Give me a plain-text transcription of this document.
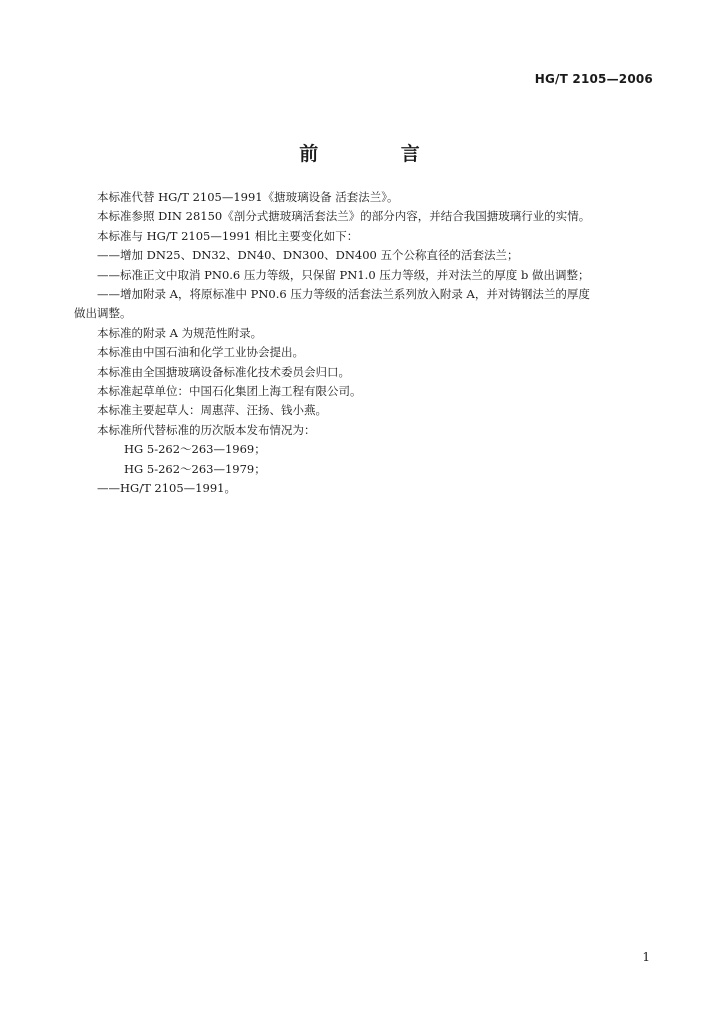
HG/T 2105—2006
前 言

本标准代替 HG/T 2105—1991《搪玻璃设备 活套法兰》。

本标准参照 DIN 28150《剖分式搪玻璃活套法兰》的部分内容，并结合我国搪玻璃行业的实情。

本标准与 HG/T 2105—1991 相比主要变化如下：

——增加 DN25、DN32、DN40、DN300、DN400 五个公称直径的活套法兰；

——标准正文中取消 PN0.6 压力等级，只保留 PN1.0 压力等级，并对法兰的厚度 b 做出调整；

——增加附录 A，将原标准中 PN0.6 压力等级的活套法兰系列放入附录 A，并对铸钢法兰的厚度

做出调整。

本标准的附录 A 为规范性附录。

本标准由中国石油和化学工业协会提出。

本标准由全国搪玻璃设备标准化技术委员会归口。

本标准起草单位：中国石化集团上海工程有限公司。

本标准主要起草人：周惠萍、汪扬、钱小燕。

本标准所代替标准的历次版本发布情况为：

HG 5-262～263—1969；

HG 5-262～263—1979；

——HG/T 2105—1991。

1
